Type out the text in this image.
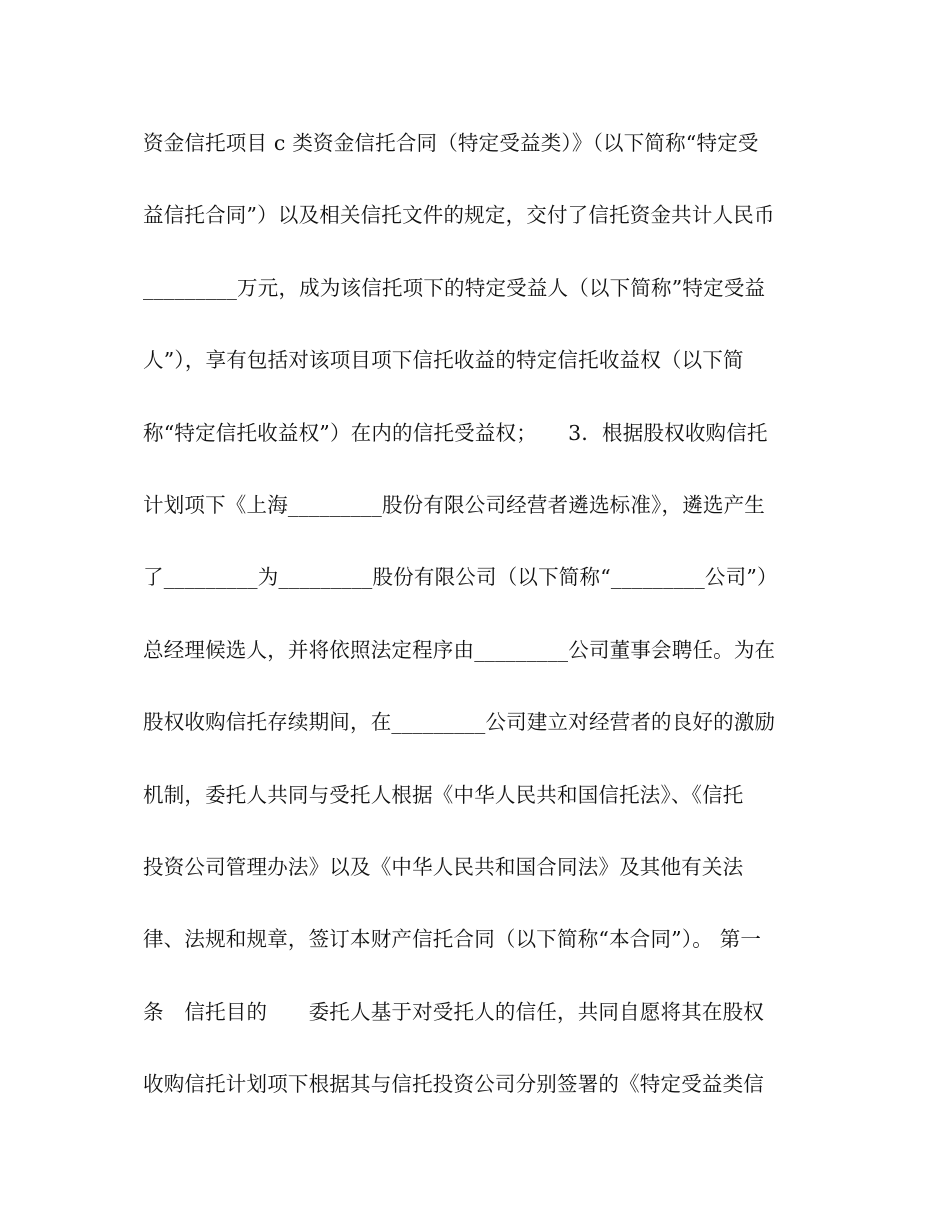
资金信托项目 c 类资金信托合同（特定受益类）》（以下简称“特定受
益信托合同”）以及相关信托文件的规定，交付了信托资金共计人民币
_________万元，成为该信托项下的特定受益人（以下简称”特定受益
人”），享有包括对该项目项下信托收益的特定信托收益权（以下简
称“特定信托收益权”）在内的信托受益权；　　3．根据股权收购信托
计划项下《上海_________股份有限公司经营者遴选标准》，遴选产生
了_________为_________股份有限公司（以下简称“_________公司”）
总经理候选人，并将依照法定程序由_________公司董事会聘任。为在
股权收购信托存续期间，在_________公司建立对经营者的良好的激励
机制，委托人共同与受托人根据《中华人民共和国信托法》、《信托
投资公司管理办法》以及《中华人民共和国合同法》及其他有关法
律、法规和规章，签订本财产信托合同（以下简称“本合同”）。 第一
条　信托目的　　委托人基于对受托人的信任，共同自愿将其在股权
收购信托计划项下根据其与信托投资公司分别签署的《特定受益类信
